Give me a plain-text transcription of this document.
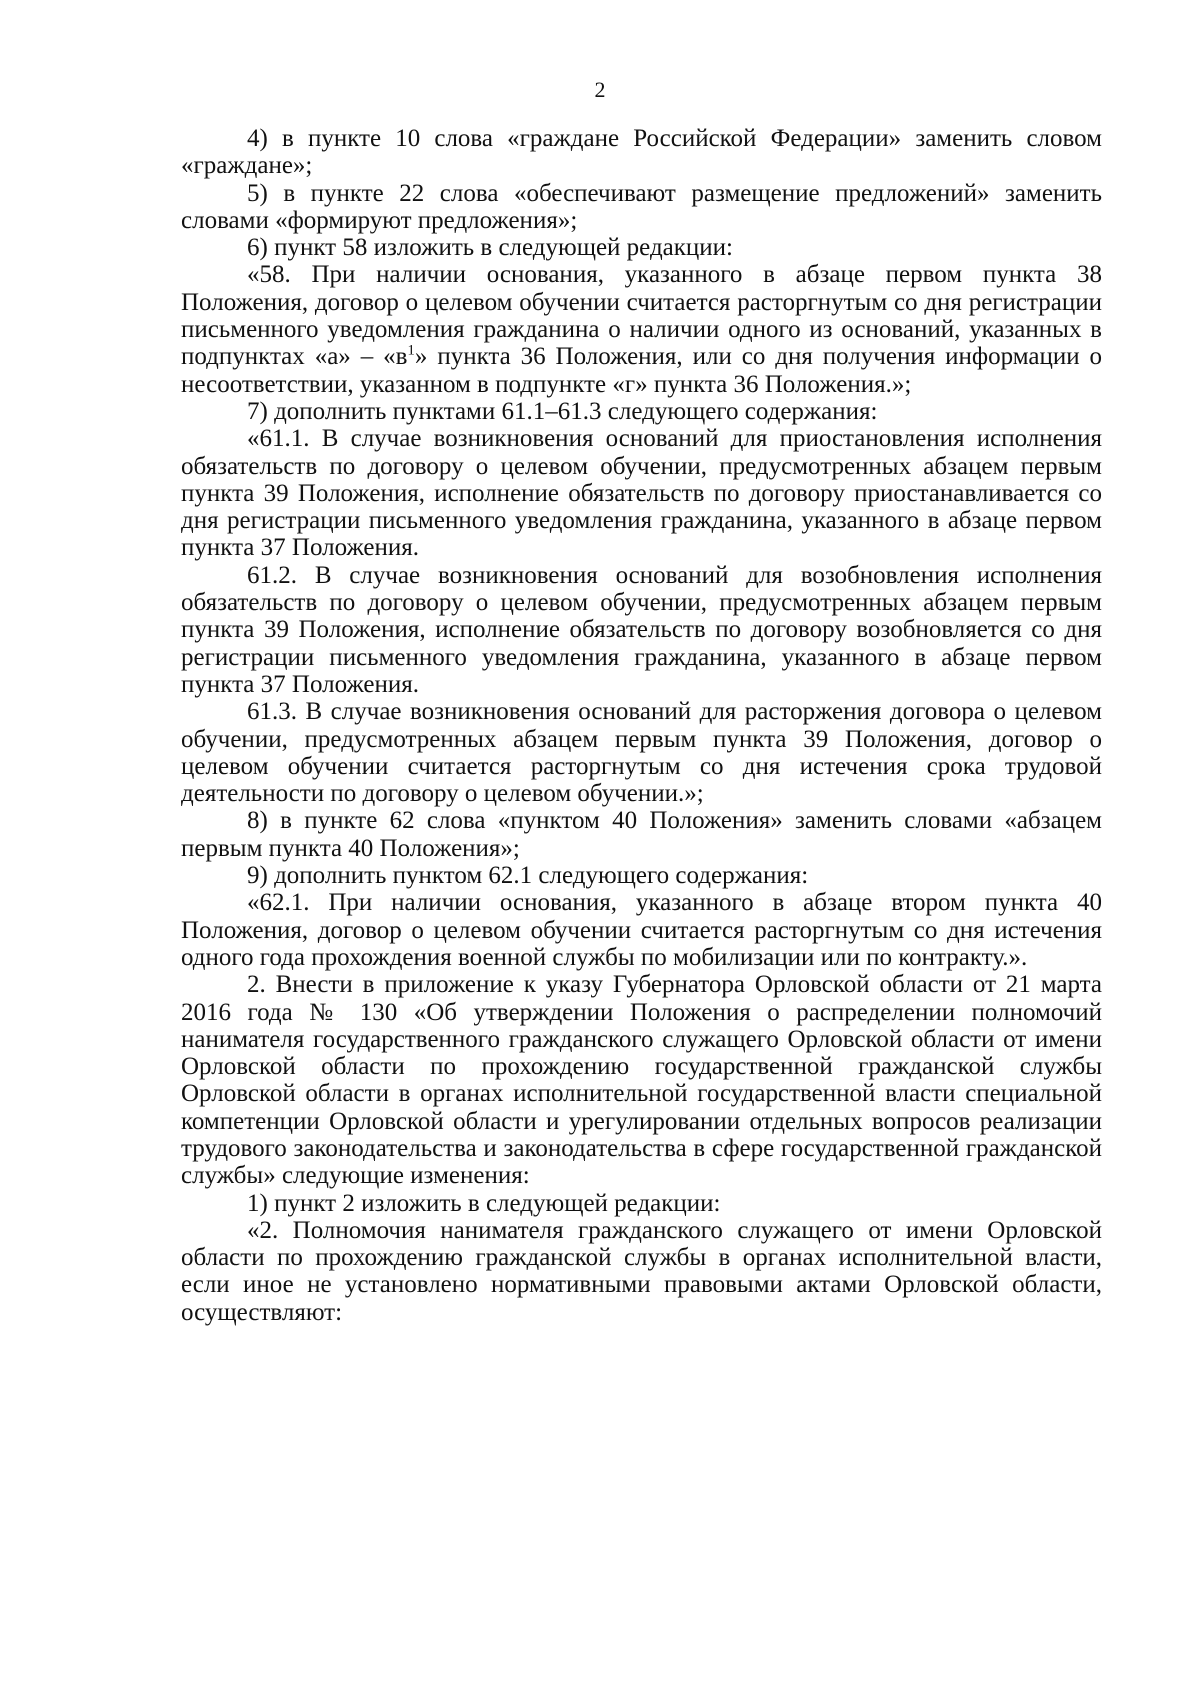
2

4) в пункте 10 слова «граждане Российской Федерации» заменить словом «граждане»;

5) в пункте 22 слова «обеспечивают размещение предложений» заменить словами «формируют предложения»;

6) пункт 58 изложить в следующей редакции:

«58. При наличии основания, указанного в абзаце первом пункта 38 Положения, договор о целевом обучении считается расторгнутым со дня регистрации письменного уведомления гражданина о наличии одного из оснований, указанных в подпунктах «а» – «$в^1$» пункта 36 Положения, или со дня получения информации о несоответствии, указанном в подпункте «г» пункта 36 Положения.»;

7) дополнить пунктами 61.1–61.3 следующего содержания:

«61.1. В случае возникновения оснований для приостановления исполнения обязательств по договору о целевом обучении, предусмотренных абзацем первым пункта 39 Положения, исполнение обязательств по договору приостанавливается со дня регистрации письменного уведомления гражданина, указанного в абзаце первом пункта 37 Положения.

61.2. В случае возникновения оснований для возобновления исполнения обязательств по договору о целевом обучении, предусмотренных абзацем первым пункта 39 Положения, исполнение обязательств по договору возобновляется со дня регистрации письменного уведомления гражданина, указанного в абзаце первом пункта 37 Положения.

61.3. В случае возникновения оснований для расторжения договора о целевом обучении, предусмотренных абзацем первым пункта 39 Положения, договор о целевом обучении считается расторгнутым со дня истечения срока трудовой деятельности по договору о целевом обучении.»;

8) в пункте 62 слова «пунктом 40 Положения» заменить словами «абзацем первым пункта 40 Положения»;

9) дополнить пунктом 62.1 следующего содержания:

«62.1. При наличии основания, указанного в абзаце втором пункта 40 Положения, договор о целевом обучении считается расторгнутым со дня истечения одного года прохождения военной службы по мобилизации или по контракту.».

2. Внести в приложение к указу Губернатора Орловской области от 21 марта 2016 года № 130 «Об утверждении Положения о распределении полномочий нанимателя государственного гражданского служащего Орловской области от имени Орловской области по прохождению государственной гражданской службы Орловской области в органах исполнительной государственной власти специальной компетенции Орловской области и урегулировании отдельных вопросов реализации трудового законодательства и законодательства в сфере государственной гражданской службы» следующие изменения:

1) пункт 2 изложить в следующей редакции:

«2. Полномочия нанимателя гражданского служащего от имени Орловской области по прохождению гражданской службы в органах исполнительной власти, если иное не установлено нормативными правовыми актами Орловской области, осуществляют:
